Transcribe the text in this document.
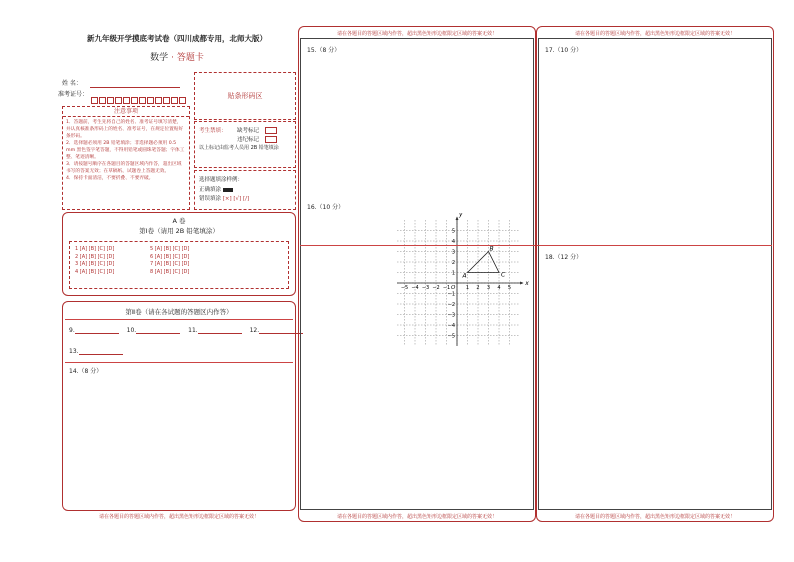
新九年级开学摸底考试卷（四川成都专用，北师大版）
数学 · 答题卡
姓 名：
准考证号：	贴条形码区
注意事项
1．答题前，考生先将自己的姓名、准考证号填写清楚，并认真核准条形码上的姓名、准考证号，在规定位置贴好条形码。
2．选择题必须用 2B 铅笔填涂；非选择题必须用 0.5 mm 黑色签字笔答题，不得用铅笔或圆珠笔答题；字体工整、笔迹清晰。
3．请按题号顺序在各题目的答题区域内作答，超出区域书写的答案无效；在草稿纸、试题卷上答题无效。
4．保持卡面清洁，不要折叠、不要弄破。
考生禁填： 缺考标记
违纪标记
以上标记由监考人员用 2B 铅笔填涂
选择题填涂样例：
正确填涂
错误填涂 [×] [√] [/]
A 卷
第Ⅰ卷（请用 2B 铅笔填涂）
1 [A] [B] [C] [D]
2 [A] [B] [C] [D]
3 [A] [B] [C] [D]
4 [A] [B] [C] [D]
5 [A] [B] [C] [D]
6 [A] [B] [C] [D]
7 [A] [B] [C] [D]
8 [A] [B] [C] [D]
第Ⅱ卷（请在各试题的答题区内作答）
9.	10.	11.	12.
13.
14.（8 分）
请在各题目的答题区域内作答，超出黑色矩形边框限定区域的答案无效！
请在各题目的答题区域内作答，超出黑色矩形边框限定区域的答案无效！
15.（8 分）
16.（10 分）
x
y
O
−5 −4 −3 −2 −1	1 2 3 4 5
5
4
3
2
1
−1
−2
−3
−4
−5
A
B
C
请在各题目的答题区域内作答，超出黑色矩形边框限定区域的答案无效！
请在各题目的答题区域内作答，超出黑色矩形边框限定区域的答案无效！
17.（10 分）
18.（12 分）
请在各题目的答题区域内作答，超出黑色矩形边框限定区域的答案无效！
